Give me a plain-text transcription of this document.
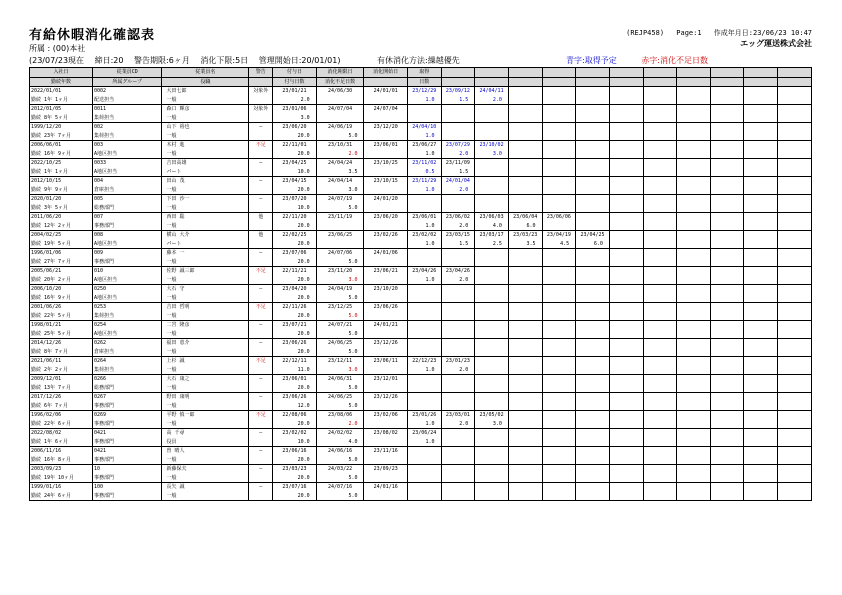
有給休暇消化確認表	(REJP458) Page:1 作成年月日:23/06/23 10:47
エッグ運送株式会社
所属 : (00)本社
(23/07/23現在 締日:20 警告期限:6ヶ月 消化下限:5日 管理開始日:20/01/01)	有休消化方法:繰越優先	青字:取得予定	赤字:消化不足日数
入社日	従業員CD	従業員名	警告	付与日	消化期限日	消化開始日	取得											
勤続年数	所属グループ	役職		付与日数	消化不足日数		日数											
2022/01/01	0002	大田七郎	対象外	23/01/21	24/06/30	24/01/01	23/12/29	23/09/12	24/04/11									
勤続 1年 1ヶ月	配送担当	一般		2.0			1.0	1.5	2.0									
2012/01/05	0011	森口 輝彦	対象外	23/01/06	24/07/04	24/07/04												
勤続 8年 5ヶ月	集荷担当	一般		3.0														
1999/12/20	002	山下 裕也	—	23/06/20	24/06/19	23/12/20	24/04/10											
勤続 23年 7ヶ月	集荷担当	一般		20.0	5.0		1.0											
2006/06/01	003	木村 進	不足	22/11/01	23/10/31	23/06/01	23/06/27	23/07/29	23/10/02									
勤続 16年 9ヶ月	A地区担当	一般		20.0	2.0		1.0	2.0	3.0									
2022/10/25	0033	吉田高雄	—	23/04/25	24/04/24	23/10/25	23/11/02	23/11/09										
勤続 1年 1ヶ月	A地区担当	パート		10.0	3.5		0.5	1.5										
2012/10/15	004	田山 茂	—	23/04/15	24/04/14	23/10/15	23/11/29	24/01/04										
勤続 9年 9ヶ月	倉庫担当	一般		20.0	3.0		1.0	2.0										
2020/01/20	005	下田 沙一	—	23/07/20	24/07/19	24/01/20												
勤続 3年 5ヶ月	総務部門	一般		10.0	5.0													
2011/06/20	007	西田 聡	他	22/11/20	23/11/19	23/06/20	23/06/01	23/06/02	23/06/03	23/06/04	23/06/06							
勤続 12年 2ヶ月	事務部門	一般		20.0			1.0	2.0	4.0	6.0								
2004/02/25	008	横山 大介	他	22/02/25	23/06/25	23/02/26	23/02/02	23/03/15	23/03/17	23/03/23	23/04/19	23/04/25						
勤続 19年 5ヶ月	A地区担当	パート		20.0			1.0	1.5	2.5	3.5	4.5	6.0						
1996/01/06	009	藤本 一	—	23/07/06	24/07/06	24/01/06												
勤続 27年 7ヶ月	事務部門	一般		20.0	5.0													
2005/06/21	010	佐野 誠三郎	不足	22/11/21	23/11/20	23/06/21	23/04/26	23/04/26										
勤続 20年 2ヶ月	A地区担当	一般		20.0	3.0		1.0	2.0										
2006/10/20	0250	大石 守	—	23/04/20	24/04/19	23/10/20												
勤続 16年 9ヶ月	A地区担当	一般		20.0	5.0													
2001/06/26	0253	吉田 哲明	不足	22/11/26	23/12/25	23/06/26												
勤続 22年 5ヶ月	集荷担当	一般		20.0	5.0													
1998/01/21	0254	二宮 隆彦	—	23/07/21	24/07/21	24/01/21												
勤続 25年 5ヶ月	A地区担当	一般		20.0	5.0													
2014/12/26	0262	福田 恵介	—	23/06/26	24/06/25	23/12/26												
勤続 8年 7ヶ月	倉庫担当	一般		20.0	5.0													
2021/06/11	0264	上杉 誠	不足	22/12/11	23/12/11	23/06/11	22/12/23	23/01/23										
勤続 2年 2ヶ月	集荷担当	一般		11.0	3.0		1.0	2.0										
2009/12/01	0266	大石 康之	—	23/06/01	24/06/31	23/12/01												
勤続 13年 7ヶ月	総務部門	一般		20.0	5.0													
2017/12/26	0267	野田 康明	—	23/06/26	24/06/25	23/12/26												
勤続 6年 7ヶ月	事務部門	一般		12.0	5.0													
1996/02/06	0269	平野 慎一郎	不足	22/08/06	23/08/06	23/02/06	23/01/26	23/03/01	23/05/02									
勤続 22年 6ヶ月	事務部門	一般		20.0	2.0		1.0	2.0	3.0									
2022/08/02	0421	高 千尋	—	23/02/02	24/02/02	23/08/02	23/06/24											
勤続 1年 6ヶ月	事務部門	役員		10.0	4.0		1.0											
2006/11/16	0421	曽 晴人	—	23/06/16	24/06/16	23/11/16												
勤続 16年 8ヶ月	事務部門	一般		20.0	5.0													
2003/09/23	10	新藤保夫	—	23/03/23	24/03/22	23/09/23												
勤続 19年 10ヶ月	事務部門	一般		20.0	5.0													
1999/01/16	100	長矢 誠	—	23/07/16	24/07/16	24/01/16												
勤続 24年 6ヶ月	事務部門	一般		20.0	5.0													
